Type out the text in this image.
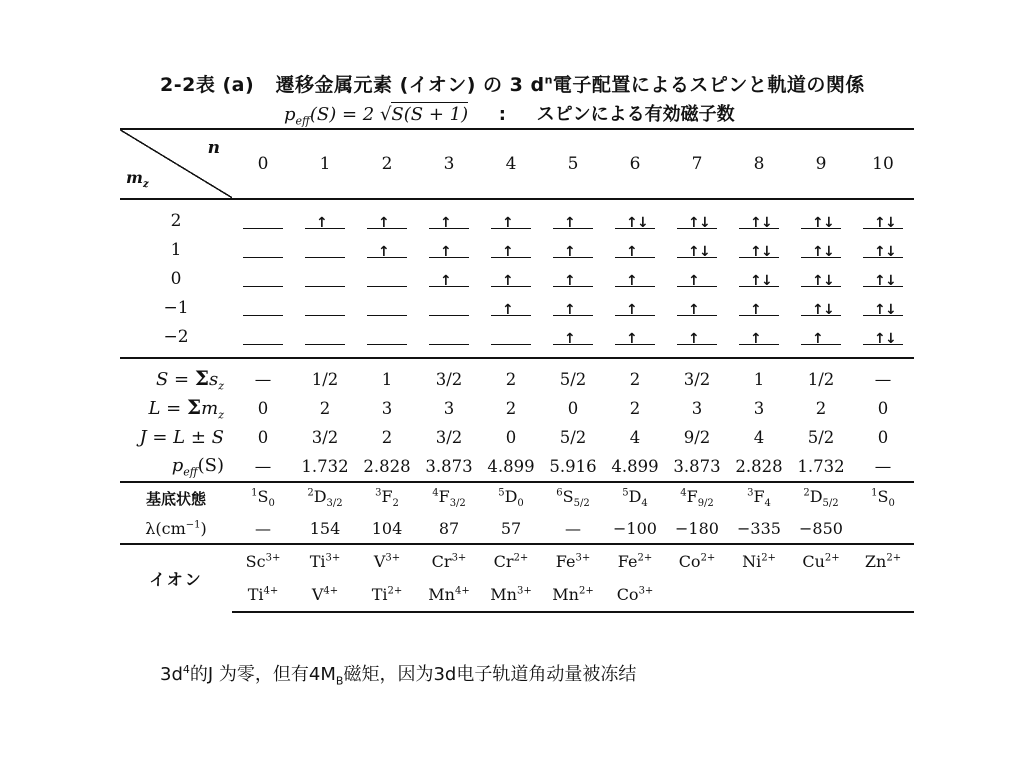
2-2表 (a) 遷移金属元素 (イオン) の 3 $d^n$電子配置によるスピンと軌道の関係
$p_{eff}(S) = 2$ √S(S + 1) : スピンによる有効磁子数
n
$m_z$	0	1	2	3	4	5	6	7	8	9	10
2		↑	↑	↑	↑	↑	↑ ↓	↑ ↓	↑ ↓	↑ ↓	↑ ↓

1			↑	↑	↑	↑	↑	↑ ↓	↑ ↓	↑ ↓	↑ ↓

0				↑	↑	↑	↑	↑	↑ ↓	↑ ↓	↑ ↓

−1					↑	↑	↑	↑	↑	↑ ↓	↑ ↓

−2						↑	↑	↑	↑	↑	↑ ↓

$S = \Sigma s_z$	—	1/2	1	3/2	2	5/2	2	3/2	1	1/2	—
$L = \Sigma m_z$	0	2	3	3	2	0	2	3	3	2	0
J = L ± S	0	3/2	2	3/2	0	5/2	4	9/2	4	5/2	0
$p_{eff}(S)$	—	1.732	2.828	3.873	4.899	5.916	4.899	3.873	2.828	1.732	—
基底状態	$^1S_0$	$^2D_{3/2}$	$^3F_2$	$^4F_{3/2}$	$^5D_0$	$^6S_{5/2}$	$^5D_4$	$^4F_{9/2}$	$^3F_4$	$^2D_{5/2}$	$^1S_0$
$\lambda(cm^{-1})$	—	154	104	87	57	—	−100	−180	−335	−850	
イオン	$Sc^{3+}$	$Ti^{3+}$	$V^{3+}$	$Cr^{3+}$	$Cr^{2+}$	$Fe^{3+}$	$Fe^{2+}$	$Co^{2+}$	$Ni^{2+}$	$Cu^{2+}$	$Zn^{2+}$
	$Ti^{4+}$	$V^{4+}$	$Ti^{2+}$	$Mn^{4+}$	$Mn^{3+}$	$Mn^{2+}$	$Co^{3+}$				
$3d^4$的J 为零，但有$4M_B$磁矩，因为3d电子轨道角动量被冻结
